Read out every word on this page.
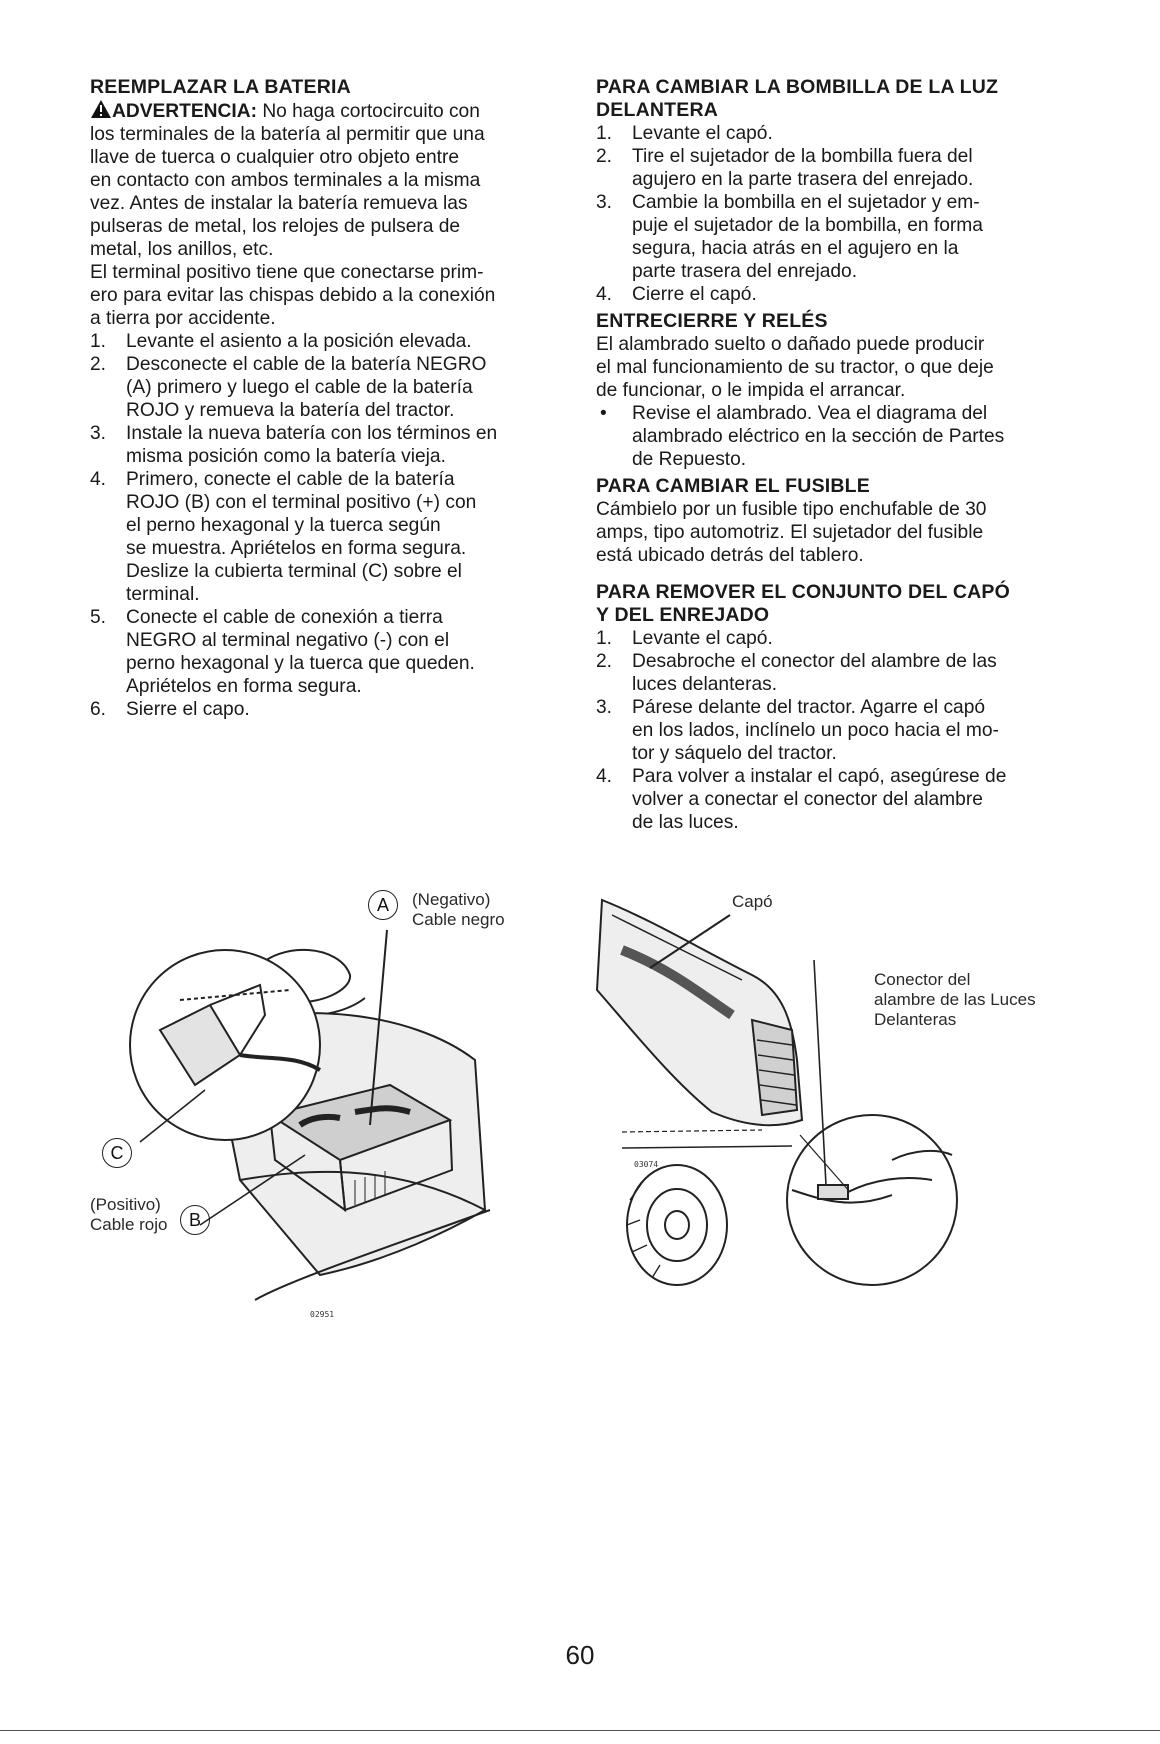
REEMPLAZAR LA BATERIA
ADVERTENCIA: No haga cortocircuito con

los terminales de la batería al permitir que una

llave de tuerca o cualquier otro objeto entre

en contacto con ambos terminales a la misma

vez. Antes de instalar la batería remueva las

pulseras de metal, los relojes de pulsera de

metal, los anillos, etc.

El terminal positivo tiene que conectarse prim-

ero para evitar las chispas debido a la conexión

a tierra por accidente.

1. Levante el asiento a la posición elevada.
2. Desconecte el cable de la batería NEGRO
(A) primero y luego el cable de la batería
ROJO y remueva la batería del tractor.
3. Instale la nueva batería con los términos en
misma posición como la batería vieja.
4. Primero, conecte el cable de la batería
ROJO (B) con el terminal positivo (+) con
el perno hexagonal y la tuerca según
se muestra. Apriételos en forma segura.
Deslize la cubierta terminal (C) sobre el
terminal.
5. Conecte el cable de conexión a tierra
NEGRO al terminal negativo (-) con el
perno hexagonal y la tuerca que queden.
Apriételos en forma segura.
6. Sierre el capo.
PARA CAMBIAR LA BOMBILLA DE LA LUZ
DELANTERA
1. Levante el capó.
2. Tire el sujetador de la bombilla fuera del
agujero en la parte trasera del enrejado.
3. Cambie la bombilla en el sujetador y em-
puje el sujetador de la bombilla, en forma
segura, hacia atrás en el agujero en la
parte trasera del enrejado.
4. Cierre el capó.
ENTRECIERRE Y RELÉS

El alambrado suelto o dañado puede producir

el mal funcionamiento de su tractor, o que deje

de funcionar, o le impida el arrancar.

• Revise el alambrado. Vea el diagrama del
alambrado eléctrico en la sección de Partes
de Repuesto.
PARA CAMBIAR EL FUSIBLE

Cámbielo por un fusible tipo enchufable de 30

amps, tipo automotriz. El sujetador del fusible

está ubicado detrás del tablero.

PARA REMOVER EL CONJUNTO DEL CAPÓ
Y DEL ENREJADO
1. Levante el capó.
2. Desabroche el conector del alambre de las
luces delanteras.
3. Párese delante del tractor. Agarre el capó
en los lados, inclínelo un poco hacia el mo-
tor y sáquelo del tractor.
4. Para volver a instalar el capó, asegúrese de
volver a conectar el conector del alambre
de las luces.
A	(Negativo)

Cable negro

C

(Positivo)

Cable rojo	B
02951

Capó

Conector del

alambre de las Luces

Delanteras

03074
60
